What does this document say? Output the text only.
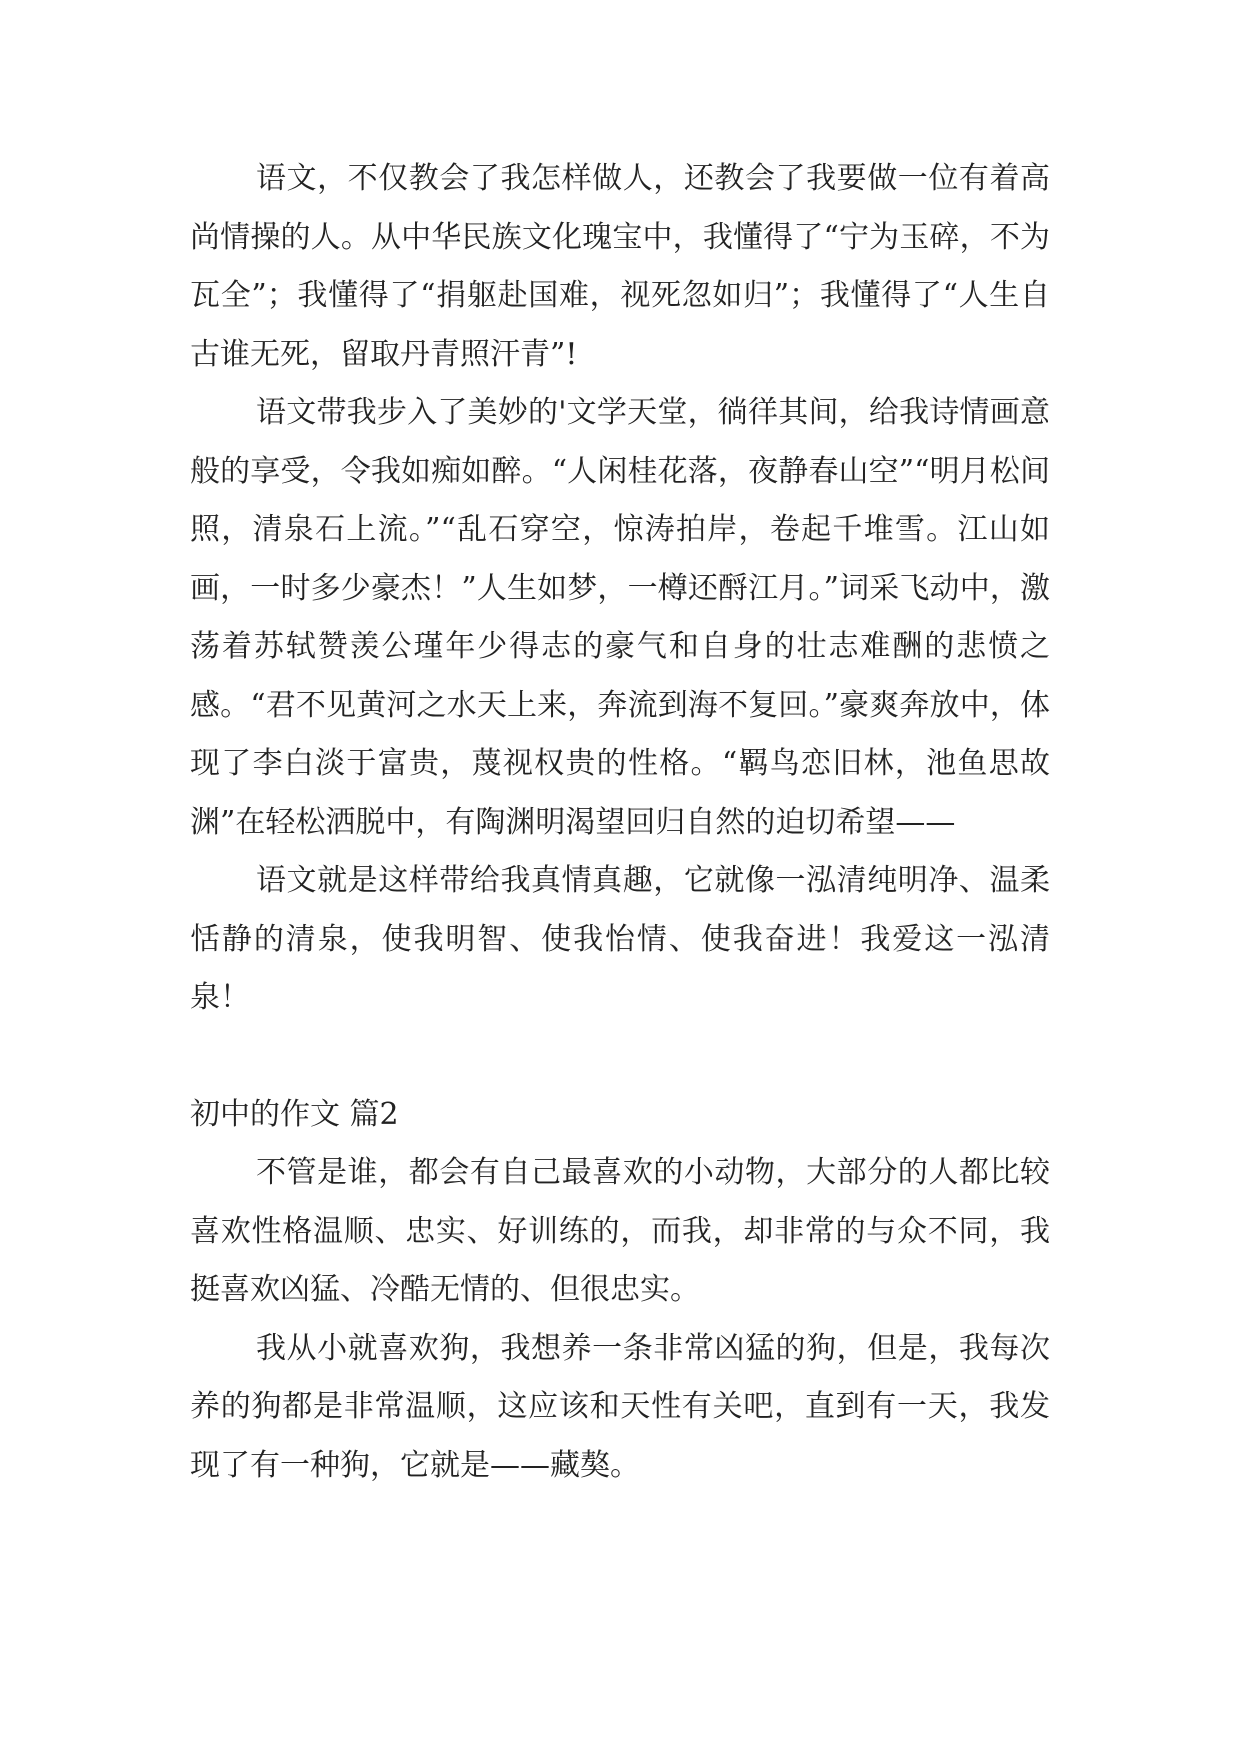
语文，不仅教会了我怎样做人，还教会了我要做一位有着高尚情操的人。从中华民族文化瑰宝中，我懂得了“宁为玉碎，不为瓦全”；我懂得了“捐躯赴国难，视死忽如归”；我懂得了“人生自古谁无死，留取丹青照汗青”!

语文带我步入了美妙的'文学天堂，徜徉其间，给我诗情画意般的享受，令我如痴如醉。“人闲桂花落，夜静春山空”“明月松间照，清泉石上流。”“乱石穿空，惊涛拍岸，卷起千堆雪。江山如画，一时多少豪杰！”人生如梦，一樽还酹江月。”词采飞动中，激荡着苏轼赞羡公瑾年少得志的豪气和自身的壮志难酬的悲愤之感。“君不见黄河之水天上来，奔流到海不复回。”豪爽奔放中，体现了李白淡于富贵，蔑视权贵的性格。“羁鸟恋旧林，池鱼思故渊”在轻松洒脱中，有陶渊明渴望回归自然的迫切希望——

语文就是这样带给我真情真趣，它就像一泓清纯明净、温柔恬静的清泉，使我明智、使我怡情、使我奋进！我爱这一泓清泉！

初中的作文 篇2

不管是谁，都会有自己最喜欢的小动物，大部分的人都比较喜欢性格温顺、忠实、好训练的，而我，却非常的与众不同，我挺喜欢凶猛、冷酷无情的、但很忠实。

我从小就喜欢狗，我想养一条非常凶猛的狗，但是，我每次养的狗都是非常温顺，这应该和天性有关吧，直到有一天，我发现了有一种狗，它就是——藏獒。
